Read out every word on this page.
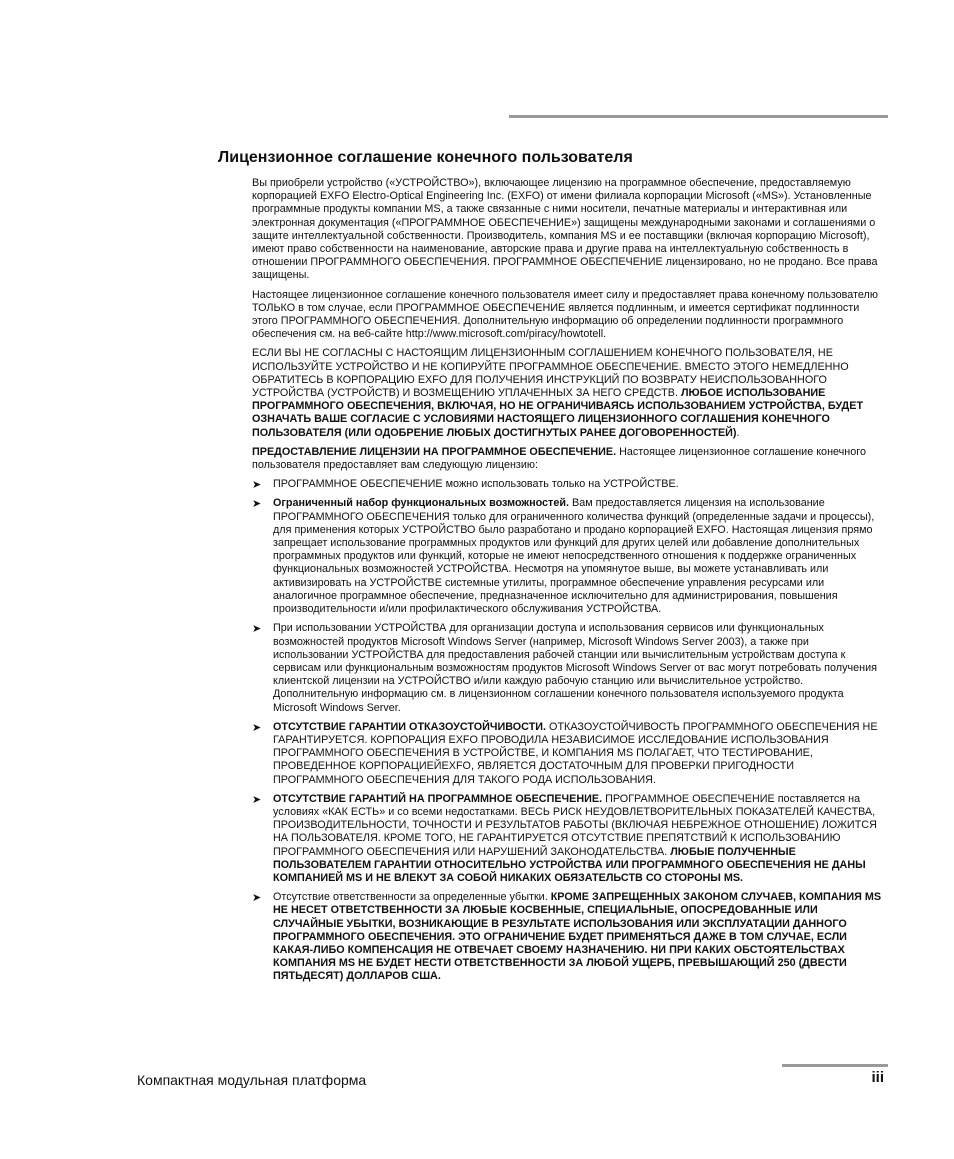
Лицензионное соглашение конечного пользователя

Вы приобрели устройство («УСТРОЙСТВО»), включающее лицензию на программное обеспечение, предоставляемую корпорацией EXFO Electro-Optical Engineering Inc. (EXFO) от имени филиала корпорации Microsoft («MS»). Установленные программные продукты компании MS, а также связанные с ними носители, печатные материалы и интерактивная или электронная документация («ПРОГРАММНОЕ ОБЕСПЕЧЕНИЕ») защищены международными законами и соглашениями о защите интеллектуальной собственности. Производитель, компания MS и ее поставщики (включая корпорацию Microsoft), имеют право собственности на наименование, авторские права и другие права на интеллектуальную собственность в отношении ПРОГРАММНОГО ОБЕСПЕЧЕНИЯ. ПРОГРАММНОЕ ОБЕСПЕЧЕНИЕ лицензировано, но не продано. Все права защищены.

Настоящее лицензионное соглашение конечного пользователя имеет силу и предоставляет права конечному пользователю ТОЛЬКО в том случае, если ПРОГРАММНОЕ ОБЕСПЕЧЕНИЕ является подлинным, и имеется сертификат подлинности этого ПРОГРАММНОГО ОБЕСПЕЧЕНИЯ. Дополнительную информацию об определении подлинности программного обеспечения см. на веб-сайте http://www.microsoft.com/piracy/howtotell.

ЕСЛИ ВЫ НЕ СОГЛАСНЫ С НАСТОЯЩИМ ЛИЦЕНЗИОННЫМ СОГЛАШЕНИЕМ КОНЕЧНОГО ПОЛЬЗОВАТЕЛЯ, НЕ ИСПОЛЬЗУЙТЕ УСТРОЙСТВО И НЕ КОПИРУЙТЕ ПРОГРАММНОЕ ОБЕСПЕЧЕНИЕ. ВМЕСТО ЭТОГО НЕМЕДЛЕННО ОБРАТИТЕСЬ В КОРПОРАЦИЮ EXFO ДЛЯ ПОЛУЧЕНИЯ ИНСТРУКЦИЙ ПО ВОЗВРАТУ НЕИСПОЛЬЗОВАННОГО УСТРОЙСТВА (УСТРОЙСТВ) И ВОЗМЕЩЕНИЮ УПЛАЧЕННЫХ ЗА НЕГО СРЕДСТВ. ЛЮБОЕ ИСПОЛЬЗОВАНИЕ ПРОГРАММНОГО ОБЕСПЕЧЕНИЯ, ВКЛЮЧАЯ, НО НЕ ОГРАНИЧИВАЯСЬ ИСПОЛЬЗОВАНИЕМ УСТРОЙСТВА, БУДЕТ ОЗНАЧАТЬ ВАШЕ СОГЛАСИЕ С УСЛОВИЯМИ НАСТОЯЩЕГО ЛИЦЕНЗИОННОГО СОГЛАШЕНИЯ КОНЕЧНОГО ПОЛЬЗОВАТЕЛЯ (ИЛИ ОДОБРЕНИЕ ЛЮБЫХ ДОСТИГНУТЫХ РАНЕЕ ДОГОВОРЕННОСТЕЙ).

ПРЕДОСТАВЛЕНИЕ ЛИЦЕНЗИИ НА ПРОГРАММНОЕ ОБЕСПЕЧЕНИЕ. Настоящее лицензионное соглашение конечного пользователя предоставляет вам следующую лицензию:

➤ ПРОГРАММНОЕ ОБЕСПЕЧЕНИЕ можно использовать только на УСТРОЙСТВЕ.
➤ Ограниченный набор функциональных возможностей. Вам предоставляется лицензия на использование ПРОГРАММНОГО ОБЕСПЕЧЕНИЯ только для ограниченного количества функций (определенные задачи и процессы), для применения которых УСТРОЙСТВО было разработано и продано корпорацией EXFO. Настоящая лицензия прямо запрещает использование программных продуктов или функций для других целей или добавление дополнительных программных продуктов или функций, которые не имеют непосредственного отношения к поддержке ограниченных функциональных возможностей УСТРОЙСТВА. Несмотря на упомянутое выше, вы можете устанавливать или активизировать на УСТРОЙСТВЕ системные утилиты, программное обеспечение управления ресурсами или аналогичное программное обеспечение, предназначенное исключительно для администрирования, повышения производительности и/или профилактического обслуживания УСТРОЙСТВА.
➤ При использовании УСТРОЙСТВА для организации доступа и использования сервисов или функциональных возможностей продуктов Microsoft Windows Server (например, Microsoft Windows Server 2003), а также при использовании УСТРОЙСТВА для предоставления рабочей станции или вычислительным устройствам доступа к сервисам или функциональным возможностям продуктов Microsoft Windows Server от вас могут потребовать получения клиентской лицензии на УСТРОЙСТВО и/или каждую рабочую станцию или вычислительное устройство. Дополнительную информацию см. в лицензионном соглашении конечного пользователя используемого продукта Microsoft Windows Server.
➤ ОТСУТСТВИЕ ГАРАНТИИ ОТКАЗОУСТОЙЧИВОСТИ. ОТКАЗОУСТОЙЧИВОСТЬ ПРОГРАММНОГО ОБЕСПЕЧЕНИЯ НЕ ГАРАНТИРУЕТСЯ. КОРПОРАЦИЯ EXFO ПРОВОДИЛА НЕЗАВИСИМОЕ ИССЛЕДОВАНИЕ ИСПОЛЬЗОВАНИЯ ПРОГРАММНОГО ОБЕСПЕЧЕНИЯ В УСТРОЙСТВЕ, И КОМПАНИЯ MS ПОЛАГАЕТ, ЧТО ТЕСТИРОВАНИЕ, ПРОВЕДЕННОЕ КОРПОРАЦИЕЙEXFO, ЯВЛЯЕТСЯ ДОСТАТОЧНЫМ ДЛЯ ПРОВЕРКИ ПРИГОДНОСТИ ПРОГРАММНОГО ОБЕСПЕЧЕНИЯ ДЛЯ ТАКОГО РОДА ИСПОЛЬЗОВАНИЯ.
➤ ОТСУТСТВИЕ ГАРАНТИЙ НА ПРОГРАММНОЕ ОБЕСПЕЧЕНИЕ. ПРОГРАММНОЕ ОБЕСПЕЧЕНИЕ поставляется на условиях «КАК ЕСТЬ» и со всеми недостатками. ВЕСЬ РИСК НЕУДОВЛЕТВОРИТЕЛЬНЫХ ПОКАЗАТЕЛЕЙ КАЧЕСТВА, ПРОИЗВОДИТЕЛЬНОСТИ, ТОЧНОСТИ И РЕЗУЛЬТАТОВ РАБОТЫ (ВКЛЮЧАЯ НЕБРЕЖНОЕ ОТНОШЕНИЕ) ЛОЖИТСЯ НА ПОЛЬЗОВАТЕЛЯ. КРОМЕ ТОГО, НЕ ГАРАНТИРУЕТСЯ ОТСУТСТВИЕ ПРЕПЯТСТВИЙ К ИСПОЛЬЗОВАНИЮ ПРОГРАММНОГО ОБЕСПЕЧЕНИЯ ИЛИ НАРУШЕНИЙ ЗАКОНОДАТЕЛЬСТВА. ЛЮБЫЕ ПОЛУЧЕННЫЕ ПОЛЬЗОВАТЕЛЕМ ГАРАНТИИ ОТНОСИТЕЛЬНО УСТРОЙСТВА ИЛИ ПРОГРАММНОГО ОБЕСПЕЧЕНИЯ НЕ ДАНЫ КОМПАНИЕЙ MS И НЕ ВЛЕКУТ ЗА СОБОЙ НИКАКИХ ОБЯЗАТЕЛЬСТВ СО СТОРОНЫ MS.
➤ Отсутствие ответственности за определенные убытки. КРОМЕ ЗАПРЕЩЕННЫХ ЗАКОНОМ СЛУЧАЕВ, КОМПАНИЯ MS НЕ НЕСЕТ ОТВЕТСТВЕННОСТИ ЗА ЛЮБЫЕ КОСВЕННЫЕ, СПЕЦИАЛЬНЫЕ, ОПОСРЕДОВАННЫЕ ИЛИ СЛУЧАЙНЫЕ УБЫТКИ, ВОЗНИКАЮЩИЕ В РЕЗУЛЬТАТЕ ИСПОЛЬЗОВАНИЯ ИЛИ ЭКСПЛУАТАЦИИ ДАННОГО ПРОГРАММНОГО ОБЕСПЕЧЕНИЯ. ЭТО ОГРАНИЧЕНИЕ БУДЕТ ПРИМЕНЯТЬСЯ ДАЖЕ В ТОМ СЛУЧАЕ, ЕСЛИ КАКАЯ-ЛИБО КОМПЕНСАЦИЯ НЕ ОТВЕЧАЕТ СВОЕМУ НАЗНАЧЕНИЮ. НИ ПРИ КАКИХ ОБСТОЯТЕЛЬСТВАХ КОМПАНИЯ MS НЕ БУДЕТ НЕСТИ ОТВЕТСТВЕННОСТИ ЗА ЛЮБОЙ УЩЕРБ, ПРЕВЫШАЮЩИЙ 250 (ДВЕСТИ ПЯТЬДЕСЯТ) ДОЛЛАРОВ США.
Компактная модульная платформа	iii
